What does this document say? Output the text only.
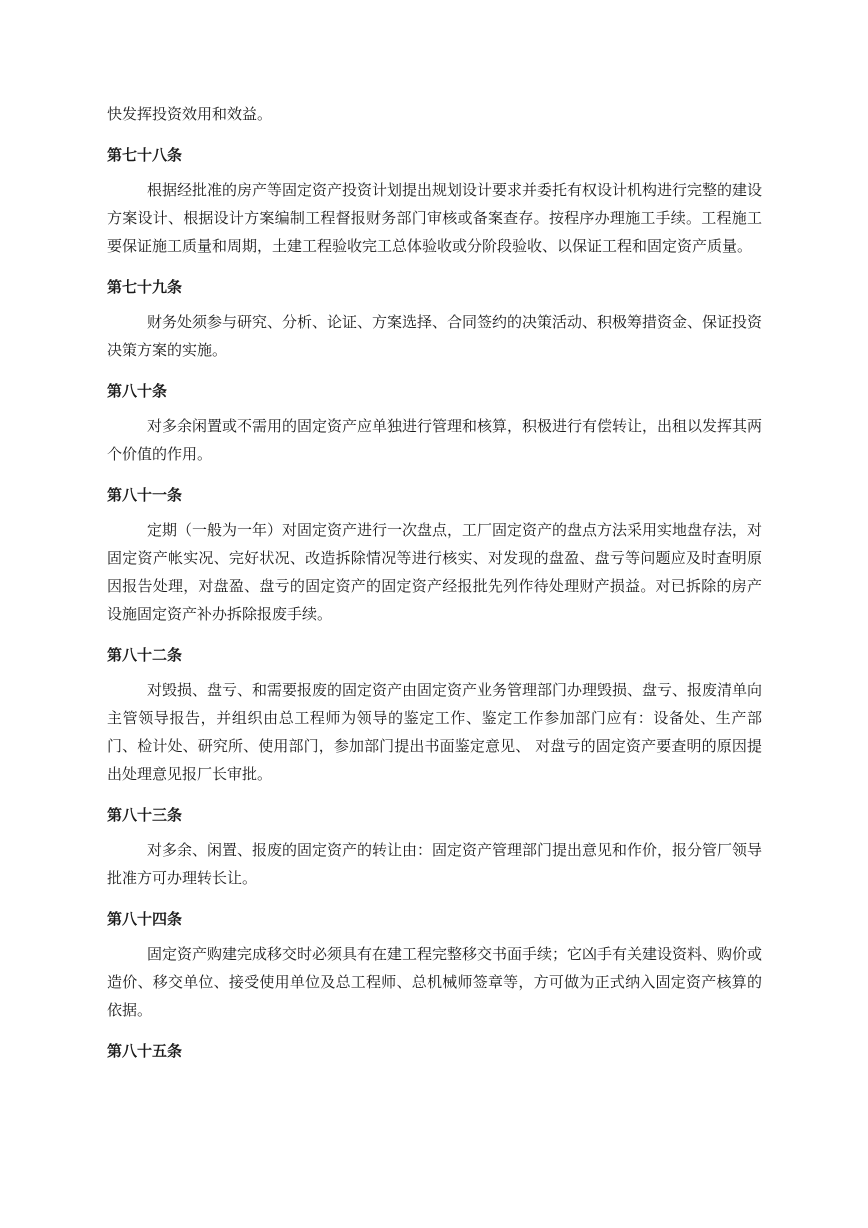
快发挥投资效用和效益。

第七十八条

根据经批准的房产等固定资产投资计划提出规划设计要求并委托有权设计机构进行完整的建设方案设计、根据设计方案编制工程督报财务部门审核或备案查存。按程序办理施工手续。工程施工要保证施工质量和周期，土建工程验收完工总体验收或分阶段验收、以保证工程和固定资产质量。

第七十九条

财务处须参与研究、分析、论证、方案选择、合同签约的决策活动、积极筹措资金、保证投资决策方案的实施。

第八十条

对多余闲置或不需用的固定资产应单独进行管理和核算，积极进行有偿转让，出租以发挥其两个价值的作用。

第八十一条

定期（一般为一年）对固定资产进行一次盘点，工厂固定资产的盘点方法采用实地盘存法，对固定资产帐实况、完好状况、改造拆除情况等进行核实、对发现的盘盈、盘亏等问题应及时查明原因报告处理，对盘盈、盘亏的固定资产的固定资产经报批先列作待处理财产损益。对已拆除的房产设施固定资产补办拆除报废手续。

第八十二条

对毁损、盘亏、和需要报废的固定资产由固定资产业务管理部门办理毁损、盘亏、报废清单向主管领导报告，并组织由总工程师为领导的鉴定工作、鉴定工作参加部门应有：设备处、生产部门、检计处、研究所、使用部门，参加部门提出书面鉴定意见、 对盘亏的固定资产要查明的原因提出处理意见报厂长审批。

第八十三条

对多余、闲置、报废的固定资产的转让由：固定资产管理部门提出意见和作价，报分管厂领导批准方可办理转长让。

第八十四条

固定资产购建完成移交时必须具有在建工程完整移交书面手续；它凶手有关建设资料、购价或造价、移交单位、接受使用单位及总工程师、总机械师签章等，方可做为正式纳入固定资产核算的依据。

第八十五条
